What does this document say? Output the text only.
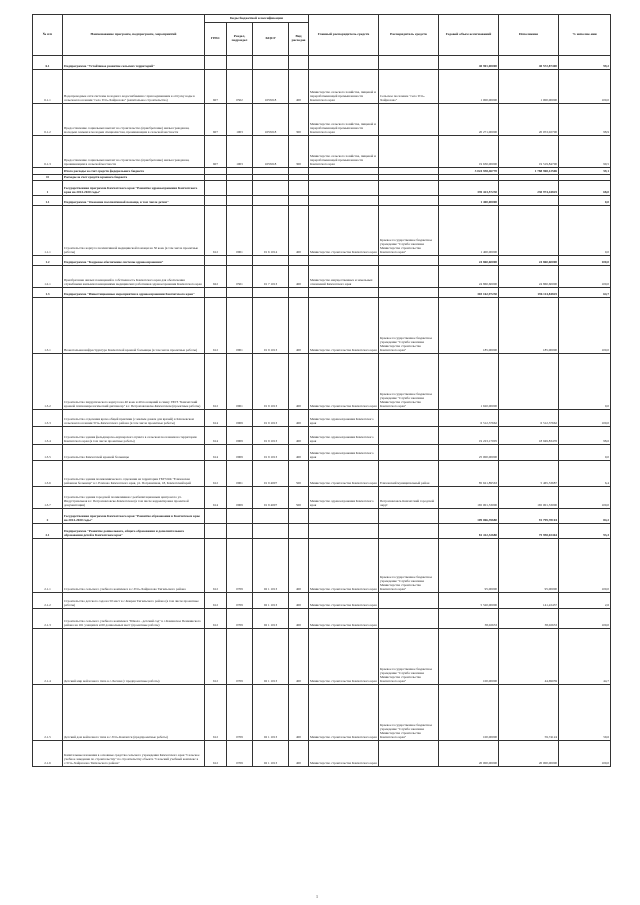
№ п/п	Наименование программ, подпрограмм, мероприятий	Коды бюджетной классификации				Главный распорядитель средств	Распорядитель средств	Годовой объем ассигнований	Исполнение	% исполне-ния
		ГРБС	Раздел, подраздел	КЦСР	Вид расходов					
6.1	Подпрограмма "Устойчивое развитие сельских территорий"							40 901,00000	40 572,87400	99,2
6.1.1	Водопроводные сети системы холодного водоснабжения с присоединением к отпуску воды в сельском поселении "село Усть-Хайрюзово" (капитальное строительство)	607	0502	1655018	400	Министерство сельского хозяйства, пищевой и перерабатывающей промышленности Камчатского края	Сельское поселение "село Усть-Хайрюзово"	1 000,00000	1 000,00000	100,0
6.1.2	Предоставление социальных выплат на строительство (приобретение) жилья гражданам, молодым семьям и молодым специалистам, проживающим в сельской местности	607	1003	1655018	300	Министерство сельского хозяйства, пищевой и перерабатывающей промышленности Камчатского края		20 271,00000	20 053,02700	98,9
6.1.3	Предоставление социальных выплат на строительство (приобретение) жилья гражданам, проживающим в сельской местности	607	1003	1655018	300	Министерство сельского хозяйства, пищевой и перерабатывающей промышленности Камчатского края		19 630,00000	19 519,84700	99,5
	Итого расходы за счет средств федерального бюджета							3 024 938,46770	1 788 968,12506	59,1
II	Расходы за счет средств краевого бюджета									
1	Государственная программа Камчатского края "Развитие здравоохранения Камчатского края на 2014-2020 годы"							339 423,57230	230 974,44825	68,0
1.1	Подпрограмма "Оказание паллиативной помощи, в том числе детям"							1 400,00000		0,0
1.1.1	Строительство корпуса паллиативной медицинской помощи на 50 коек (в том числе проектные работы)	612	0901	01 6 1014	400	Министерство строительства Камчатского края	Краевое государственное бюджетное учреждение "Служба заказчика Министерства строительства Камчатского края"	1 400,00000		0,0
1.2	Подпрограмма "Кадровое обеспечение системы здравоохранения"							24 860,60000	24 860,60000	100,0
1.2.1	Приобретение жилых помещений в собственность Камчатского края для обеспечения служебными жилыми помещениями медицинских работников здравоохранения Камчатского края	622	0501	01 7 1013	400	Министерство имущественных и земельных отношений Камчатского края		24 860,60000	24 860,60000	100,0
1.3	Подпрограмма "Инвестиционные мероприятия в здравоохранении Камчатского края"							303 162,97230	196 114,84825	64,7
1.3.1	Неонатальная инфраструктура Камчатской краевой больницы (в том числе проектные работы)	612	0901	01 9 1013	400	Министерство строительства Камчатского края	Краевое государственное бюджетное учреждение "Служба заказчика Министерства строительства Камчатского края"	185,00000	185,00000	100,0
1.3.2	Строительство хирургического корпуса на 40 коек и 40 посещений в смену ГБУЗ "Камчатский краевой психоневрологический диспансер" в г. Петропавловске-Камчатском (проектные работы)	612	0901	01 9 1013	400	Министерство строительства Камчатского края	Краевое государственное бюджетное учреждение "Служба заказчика Министерства строительства Камчатского края"	1 620,00000		0,0
1.3.3	Строительство отделения врача общей практики (с жилым домом для врачей) в Ключевском сельском поселении Усть-Камчатского района (в том числе проектные работы)	614	0909	01 9 1013	400	Министерство здравоохранения Камчатского края		6 512,37662	6 512,37662	100,0
1.3.4	Строительство здания фельдшерско-акушерского пункта в сельском поселении на территории Камчатского края (в том числе проектные работы)	614	0909	01 9 1013	400	Министерство здравоохранения Камчатского края		19 223,17005	18 949,83476	98,6
1.3.5	Строительство Камчатской краевой больницы	614	0909	01 9 1013	400	Министерство здравоохранения Камчатского края		25 000,00000		0,0
1.3.6	Строительство здания поликлинического отделения на территории ГБУЗ КК "Елизовская районная больница" в г. Елизово Камчатского края, ул. Пограничная, 18, Камчатский край	612	0901	01 9 4007	500	Министерство строительства Камчатского края	Елизовский муниципальный район	85 621,89563	5 465,53687	6,4
1.3.7	Строительство здания городской поликлиники с реабилитационным центром по ул. Индустриальная в г. Петропавловске-Камчатском (в том числе корректировка проектной документации)	614	0909	01 9 4007	500	Министерство здравоохранения Камчатского края	Петропавловск-Камчатский городской округ	165 001,33000	165 001,33000	100,0
2	Государственная программа Камчатского края "Развитие образования в Камчатском крае на 2014-2020 годы"							109 066,39680	91 799,78104	84,2
2.1	Подпрограмма "Развитие дошкольного, общего образования и дополнительного образования детей в Камчатском крае"							81 412,32680	75 958,02464	93,3
2.1.1	Строительство сельского учебного комплекса в с.Усть-Хайрюзово Тигильского района	612	0709	02 1 1013	400	Министерство строительства Камчатского края	Краевое государственное бюджетное учреждение "Служба заказчика Министерства строительства Камчатского края"	95,00000	95,00000	100,0
2.1.2	Строительство детского сада на 50 мест в с.Ковран Тигильского района (в том числе проектные работы)	612	0709	02 1 1013	400	Министерство строительства Камчатского края		5 520,00000	141,22437	2,6
2.1.3	Строительство сельского учебного комплекса "Школа - детский сад" в с.Каменское Пенжинского района на 161 учащихся и 60 дошкольных мест (проектные работы)	612	0709	02 1 1013	400	Министерство строительства Камчатского края		38,02633	38,02633	100,0
2.1.4	Детский мир войлочного типа в с.Лесная (с предпроектные работы)	612	0709	02 1 1013	400	Министерство строительства Камчатского края	Краевое государственное бюджетное учреждение "Служба заказчика Министерства строительства Камчатского края"	100,00000	44,69039	44,7
2.1.5	Детский дом войлочного типа в с.Усть-Камчатск (предпроектные работы)	612	0709	02 1 1013	400	Министерство строительства Камчатского края	Краевое государственное бюджетное учреждение "Служба заказчика Министерства строительства Камчатского края"	100,00000	59,74124	59,6
2.1.6	Капитальные вложения в основные средства сельского учреждения Камчатского края "Сельское учебное заведение по строительству" по строительству объекта "Сельский учебный комплекс в с.Усть-Хайрюзово Тигильского района"	612	0709	02 1 1013	400	Министерство строительства Камчатского края		20 000,00000	20 000,00000	100,0
1
